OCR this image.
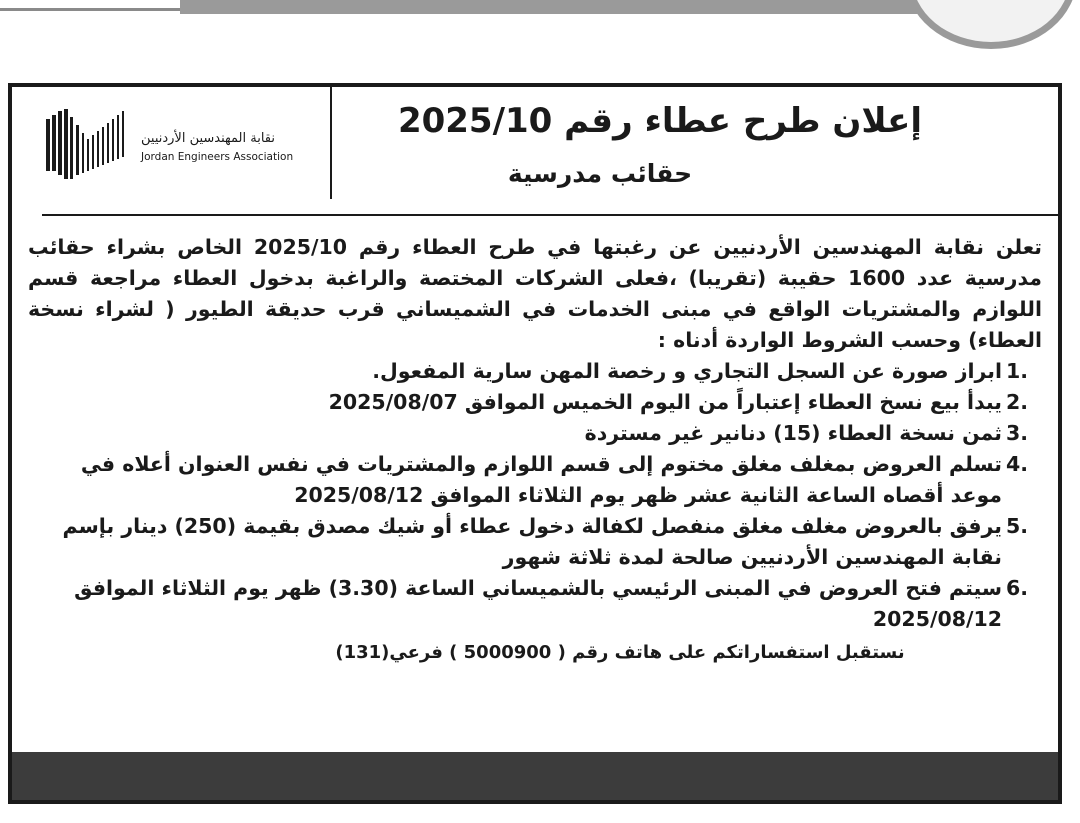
نقابة المهندسين الأردنيين
Jordan Engineers Association
إعلان طرح عطاء رقم 2025/10
حقائب مدرسية

تعلن نقابة المهندسين الأردنيين عن رغبتها في طرح العطاء رقم 2025/10 الخاص بشراء حقائب مدرسية عدد 1600 حقيبة (تقريبا) ،فعلى الشركات المختصة والراغبة بدخول العطاء مراجعة قسم اللوازم والمشتريات الواقع في مبنى الخدمات في الشميساني قرب حديقة الطيور ( لشراء نسخة العطاء) وحسب الشروط الواردة أدناه :

1.
ابراز صورة عن السجل التجاري و رخصة المهن سارية المفعول.
2.
يبدأ بيع نسخ العطاء إعتباراً من اليوم الخميس الموافق 2025/08/07
3.
ثمن نسخة العطاء (15) دنانير غير مستردة
4.
تسلم العروض بمغلف مغلق مختوم إلى قسم اللوازم والمشتريات في نفس العنوان أعلاه في موعد أقصاه الساعة الثانية عشر ظهر يوم الثلاثاء الموافق 2025/08/12
5.
يرفق بالعروض مغلف مغلق منفصل لكفالة دخول عطاء أو شيك مصدق بقيمة (250) دينار بإسم نقابة المهندسين الأردنيين صالحة لمدة ثلاثة شهور
6.
سيتم فتح العروض في المبنى الرئيسي بالشميساني الساعة (3.30) ظهر يوم الثلاثاء الموافق 2025/08/12

نستقبل استفساراتكم على هاتف رقم ( 5000900 ) فرعي(131)
